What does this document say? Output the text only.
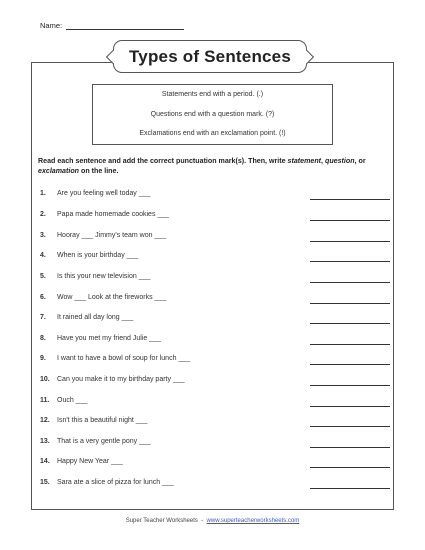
Name:
Types of Sentences
Statements end with a period. (.)
Questions end with a question mark. (?)
Exclamations end with an exclamation point. (!)
Read each sentence and add the correct punctuation mark(s). Then, write statement, question, or exclamation on the line.
1. Are you feeling well today ___
2. Papa made homemade cookies ___
3. Hooray ___ Jimmy's team won ___
4. When is your birthday ___
5. Is this your new television ___
6. Wow ___ Look at the fireworks ___
7. It rained all day long ___
8. Have you met my friend Julie ___
9. I want to have a bowl of soup for lunch ___
10. Can you make it to my birthday party ___
11. Ouch ___
12. Isn't this a beautiful night ___
13. That is a very gentle pony ___
14. Happy New Year ___
15. Sara ate a slice of pizza for lunch ___
Super Teacher Worksheets  -  www.superteacherworksheets.com
